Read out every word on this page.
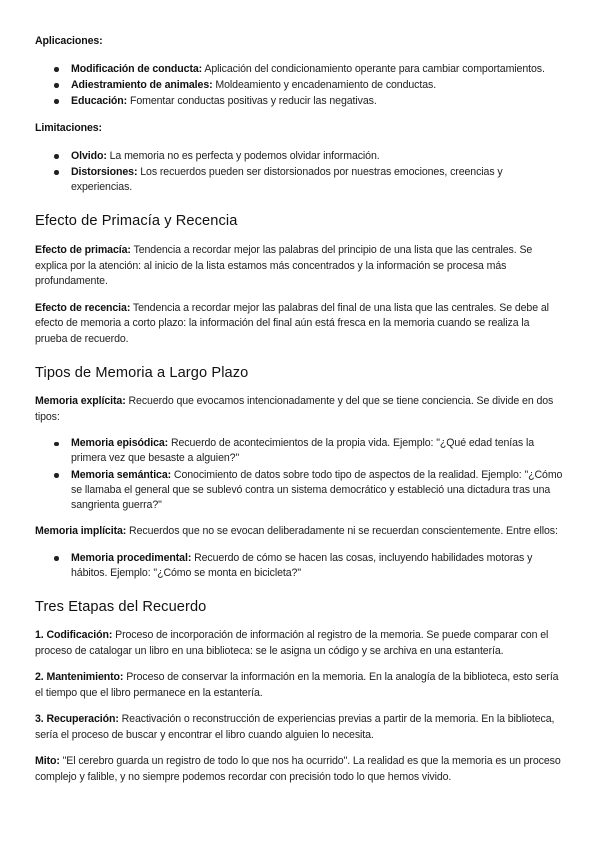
Aplicaciones:

Modificación de conducta: Aplicación del condicionamiento operante para cambiar comportamientos.
Adiestramiento de animales: Moldeamiento y encadenamiento de conductas.
Educación: Fomentar conductas positivas y reducir las negativas.

Limitaciones:

Olvido: La memoria no es perfecta y podemos olvidar información.
Distorsiones: Los recuerdos pueden ser distorsionados por nuestras emociones, creencias y experiencias.
Efecto de Primacía y Recencia

Efecto de primacía: Tendencia a recordar mejor las palabras del principio de una lista que las centrales. Se explica por la atención: al inicio de la lista estamos más concentrados y la información se procesa más profundamente.

Efecto de recencia: Tendencia a recordar mejor las palabras del final de una lista que las centrales. Se debe al efecto de memoria a corto plazo: la información del final aún está fresca en la memoria cuando se realiza la prueba de recuerdo.

Tipos de Memoria a Largo Plazo

Memoria explícita: Recuerdo que evocamos intencionadamente y del que se tiene conciencia. Se divide en dos tipos:

Memoria episódica: Recuerdo de acontecimientos de la propia vida. Ejemplo: "¿Qué edad tenías la primera vez que besaste a alguien?"
Memoria semántica: Conocimiento de datos sobre todo tipo de aspectos de la realidad. Ejemplo: "¿Cómo se llamaba el general que se sublevó contra un sistema democrático y estableció una dictadura tras una sangrienta guerra?"

Memoria implícita: Recuerdos que no se evocan deliberadamente ni se recuerdan conscientemente. Entre ellos:

Memoria procedimental: Recuerdo de cómo se hacen las cosas, incluyendo habilidades motoras y hábitos. Ejemplo: "¿Cómo se monta en bicicleta?"
Tres Etapas del Recuerdo

1. Codificación: Proceso de incorporación de información al registro de la memoria. Se puede comparar con el proceso de catalogar un libro en una biblioteca: se le asigna un código y se archiva en una estantería.

2. Mantenimiento: Proceso de conservar la información en la memoria. En la analogía de la biblioteca, esto sería el tiempo que el libro permanece en la estantería.

3. Recuperación: Reactivación o reconstrucción de experiencias previas a partir de la memoria. En la biblioteca, sería el proceso de buscar y encontrar el libro cuando alguien lo necesita.

Mito: "El cerebro guarda un registro de todo lo que nos ha ocurrido". La realidad es que la memoria es un proceso complejo y falible, y no siempre podemos recordar con precisión todo lo que hemos vivido.
